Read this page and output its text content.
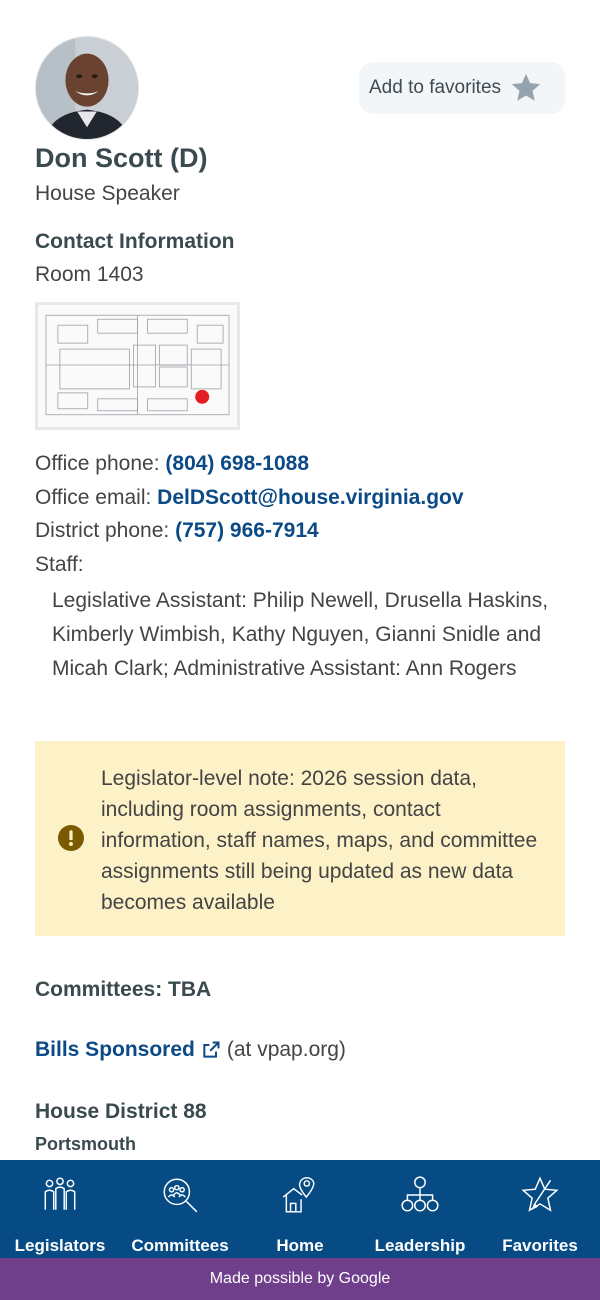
Add to favorites
Don Scott (D)
House Speaker
Contact Information
Room 1403
Office phone: (804) 698-1088
Office email: DelDScott@house.virginia.gov
District phone: (757) 966-7914
Staff:
Legislative Assistant: Philip Newell, Drusella Haskins, Kimberly Wimbish, Kathy Nguyen, Gianni Snidle and Micah Clark; Administrative Assistant: Ann Rogers
Legislator-level note: 2026 session data, including room assignments, contact information, staff names, maps, and committee assignments still being updated as new data becomes available
Committees: TBA
Bills Sponsored (at vpap.org)
House District 88
Portsmouth
Legislators Committees	Home	Leadership Favorites
Made possible by Google
